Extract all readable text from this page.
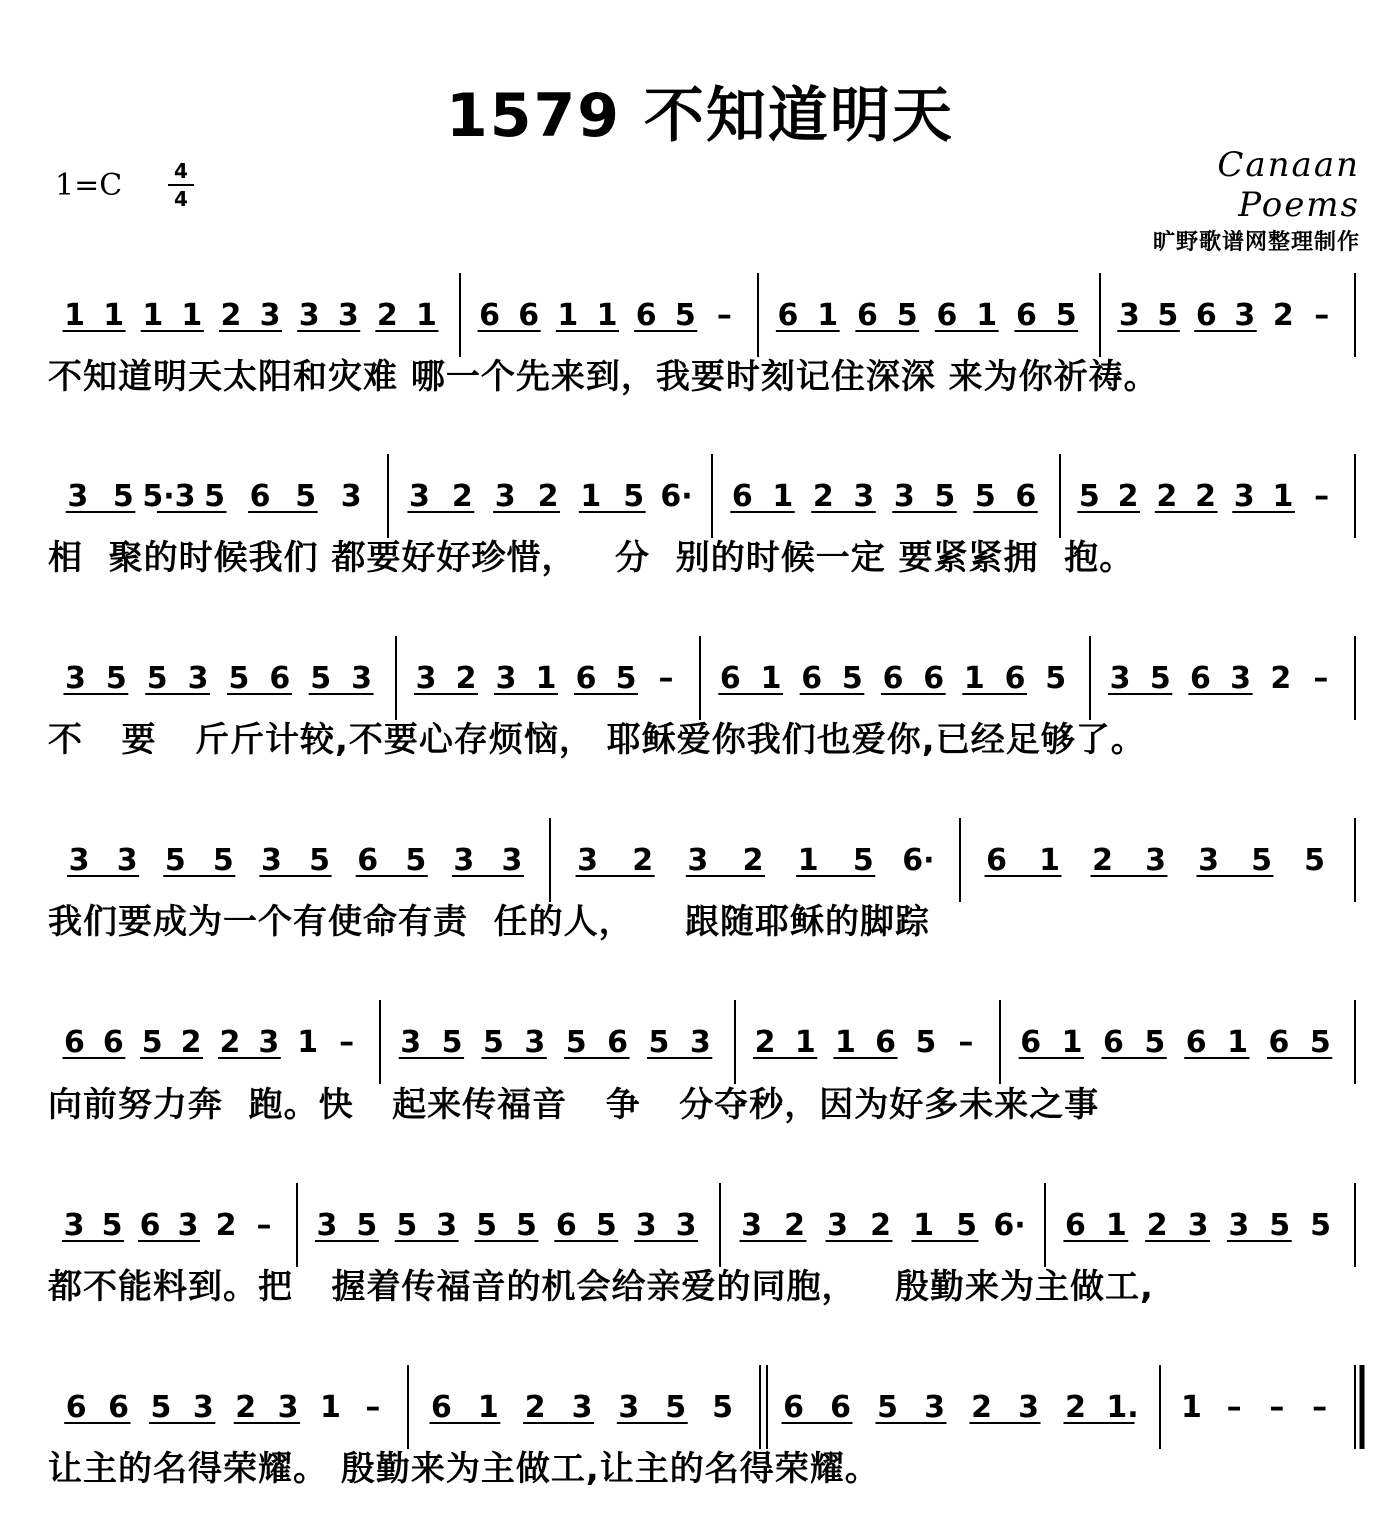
1579 不知道明天
1=C	4
4
Canaan Poems
旷野歌谱网整理制作
1 1 1 1 2 3 3 3 2 1 6 6 1 1 6 5 – 6 1 6 5 6 1 6 5 3 5 6 3 2 –
3 5 5·3 5 6 5 3 3 2 3 2 1 5 6· 6 1 2 3 3 5 5 6 5 2 2 2 3 1 –
3 5 5 3 5 6 5 3 3 2 3 1 6 5 – 6 1 6 5 6 6 1 6 5 3 5 6 3 2 –
3 3 5 5 3 5 6 5 3 3 3 2 3 2 1 5 6· 6 1 2 3 3 5 5
6 6 5 2 2 3 1 – 3 5 5 3 5 6 5 3 2 1 1 6 5 – 6 1 6 5 6 1 6 5
3 5 6 3 2 – 3 5 5 3 5 5 6 5 3 3 3 2 3 2 1 5 6· 6 1 2 3 3 5 5
6 6 5 3 2 3 1 – 6 1 2 3 3 5 5 6 6 5 3 2 3 2 1. 1 – – –

不知道明天太阳和灾难 哪一个先来到，我要时刻记住深深 来为你祈祷。

相  聚的时候我们 都要好好珍惜，   分  别的时候一定 要紧紧拥  抱。

不   要   斤斤计较,不要心存烦恼， 耶稣爱你我们也爱你,已经足够了。

我们要成为一个有使命有责  任的人，    跟随耶稣的脚踪

向前努力奔  跑。快   起来传福音   争   分夺秒，因为好多未来之事

都不能料到。把   握着传福音的机会给亲爱的同胞，   殷勤来为主做工,

让主的名得荣耀。 殷勤来为主做工,让主的名得荣耀。
